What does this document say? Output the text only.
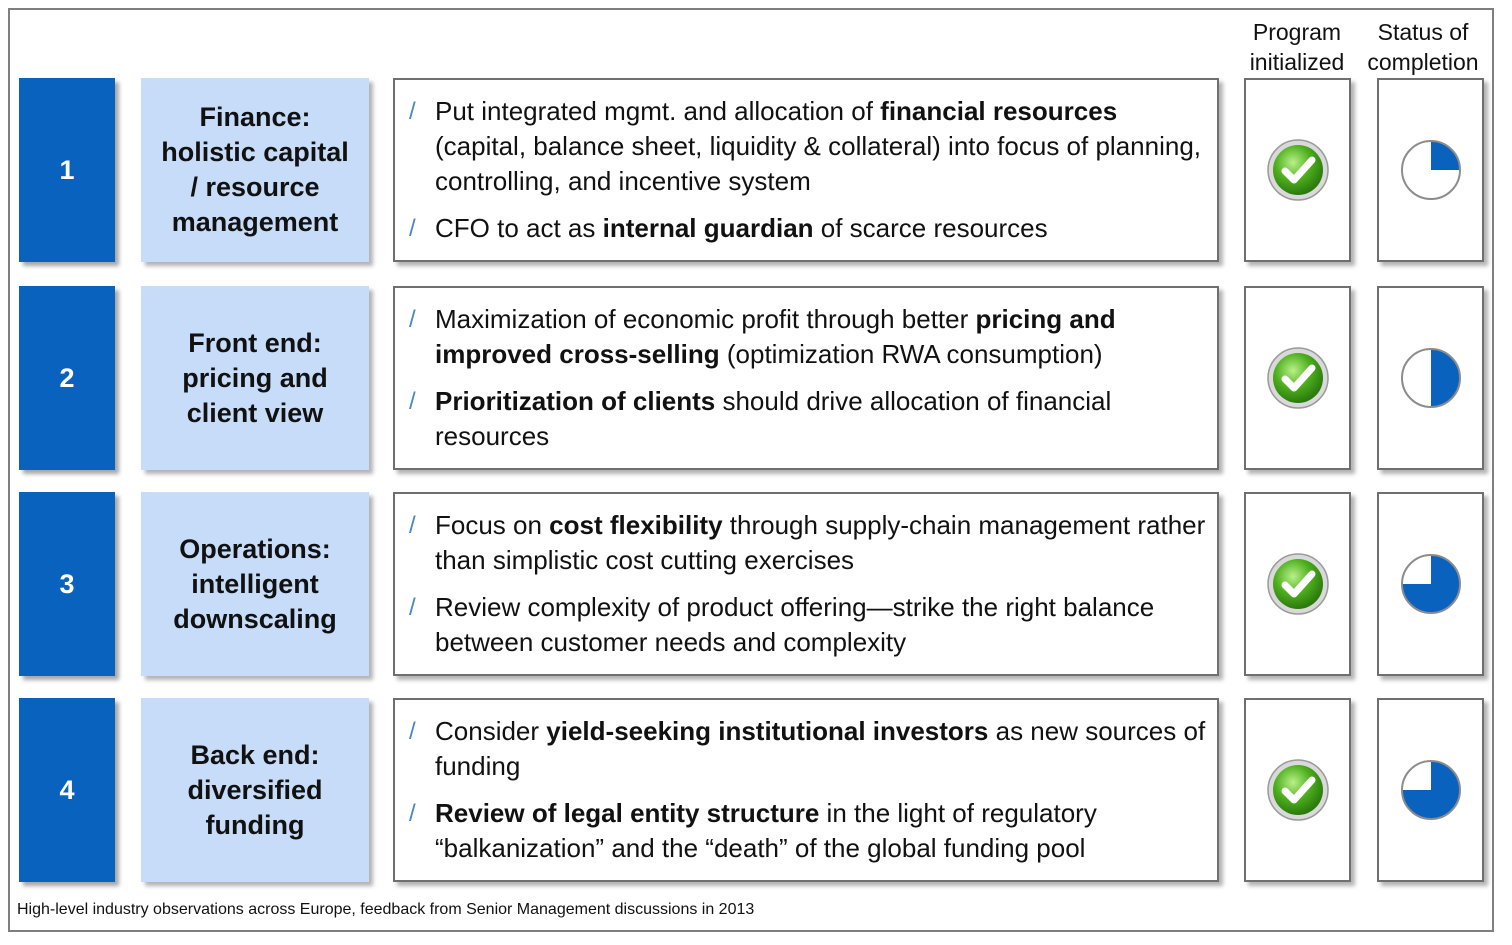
Program
initialized
Status of
completion
1
Finance:
holistic capital
/ resource
management
/ Put integrated mgmt. and allocation of financial resources (capital, balance sheet, liquidity & collateral) into focus of planning, controlling, and incentive system
/ CFO to act as internal guardian of scarce resources
2
Front end:
pricing and
client view
/ Maximization of economic profit through better pricing and improved cross-selling (optimization RWA consumption)
/ Prioritization of clients should drive allocation of financial resources
3
Operations:
intelligent
downscaling
/ Focus on cost flexibility through supply-chain management rather than simplistic cost cutting exercises
/ Review complexity of product offering—strike the right balance between customer needs and complexity
4
Back end:
diversified
funding
/ Consider yield-seeking institutional investors as new sources of funding
/ Review of legal entity structure in the light of regulatory “balkanization” and the “death” of the global funding pool
High-level industry observations across Europe, feedback from Senior Management discussions in 2013
